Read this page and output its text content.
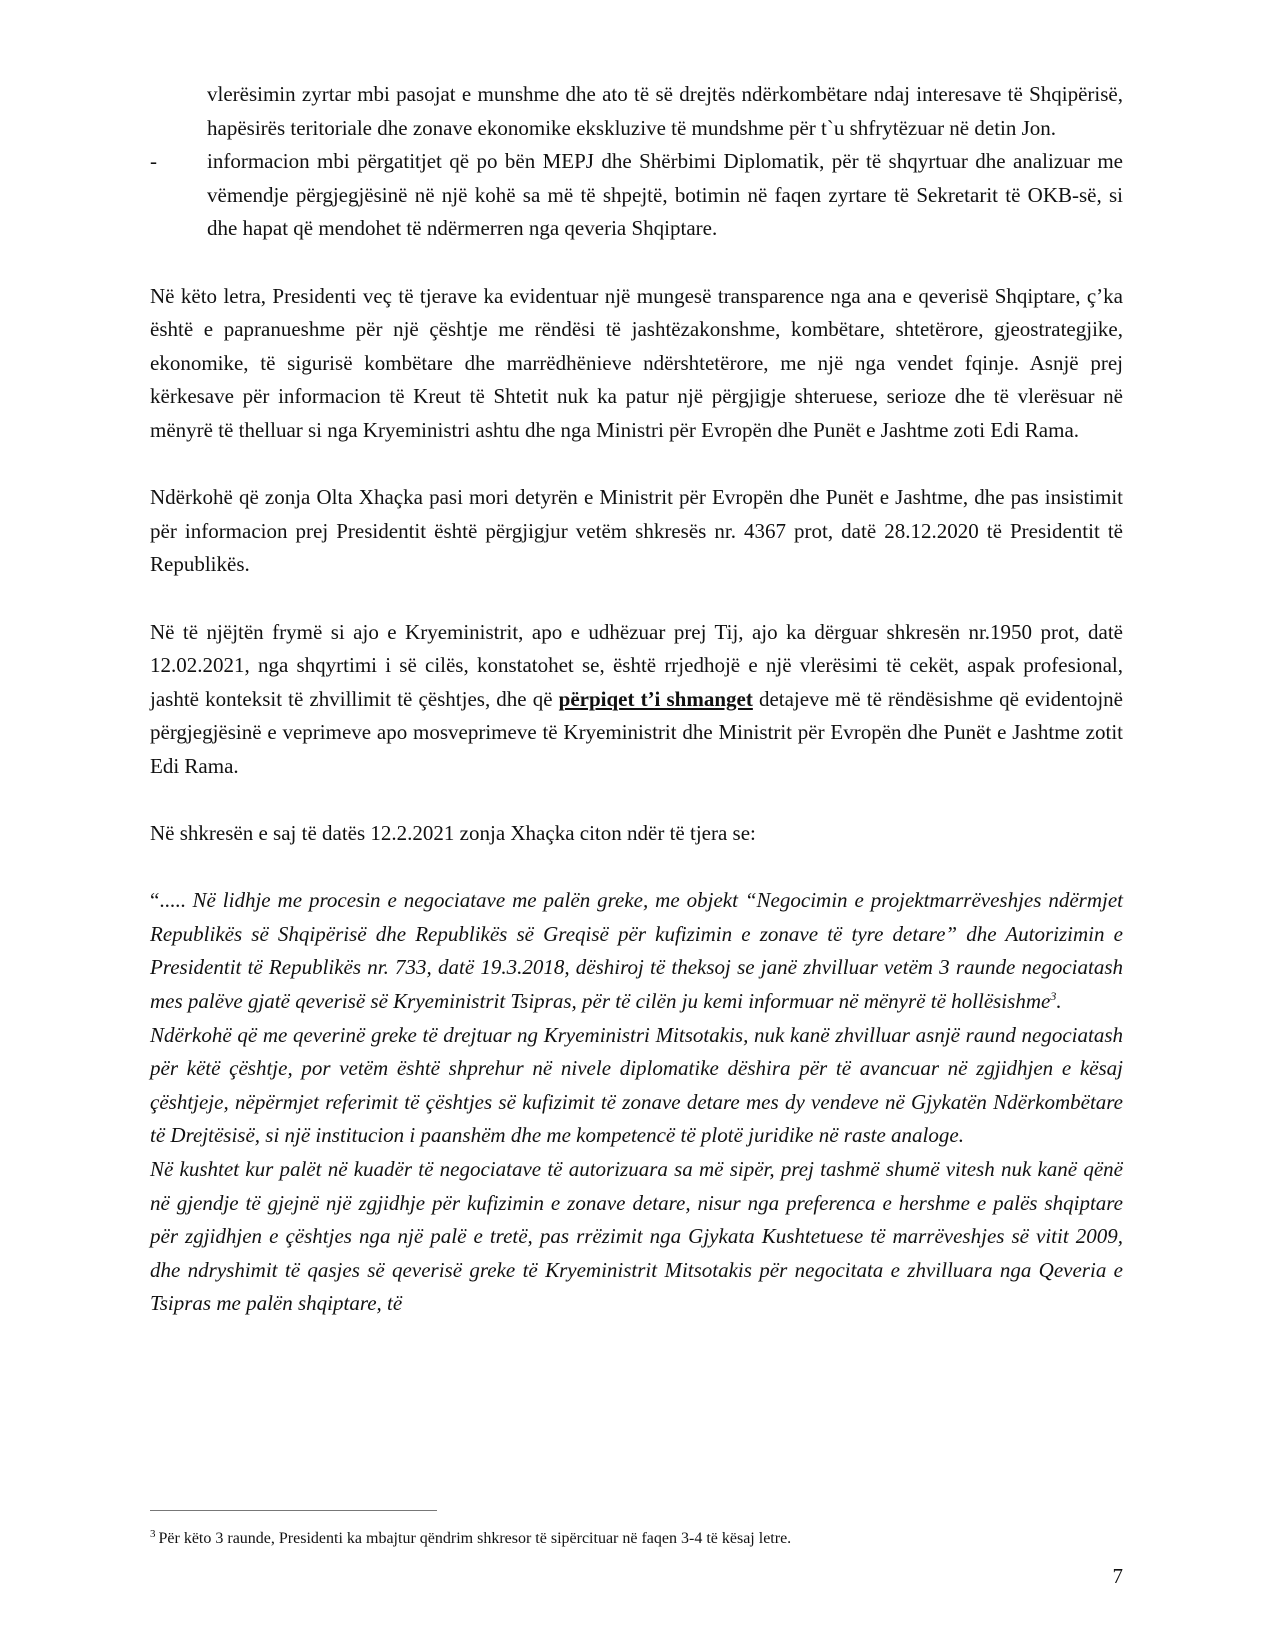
vlerësimin zyrtar mbi pasojat e munshme dhe ato të së drejtës ndërkombëtare ndaj interesave të Shqipërisë, hapësirës teritoriale dhe zonave ekonomike ekskluzive të mundshme për t`u shfrytëzuar në detin Jon.
- informacion mbi përgatitjet që po bën MEPJ dhe Shërbimi Diplomatik, për të shqyrtuar dhe analizuar me vëmendje përgjegjësinë në një kohë sa më të shpejtë, botimin në faqen zyrtare të Sekretarit të OKB-së, si dhe hapat që mendohet të ndërmerren nga qeveria Shqiptare.

Në këto letra, Presidenti veç të tjerave ka evidentuar një mungesë transparence nga ana e qeverisë Shqiptare, ç’ka është e papranueshme për një çështje me rëndësi të jashtëzakonshme, kombëtare, shtetërore, gjeostrategjike, ekonomike, të sigurisë kombëtare dhe marrëdhënieve ndërshtetërore, me një nga vendet fqinje. Asnjë prej kërkesave për informacion të Kreut të Shtetit nuk ka patur një përgjigje shteruese, serioze dhe të vlerësuar në mënyrë të thelluar si nga Kryeministri ashtu dhe nga Ministri për Evropën dhe Punët e Jashtme zoti Edi Rama.

Ndërkohë që zonja Olta Xhaçka pasi mori detyrën e Ministrit për Evropën dhe Punët e Jashtme, dhe pas insistimit për informacion prej Presidentit është përgjigjur vetëm shkresës nr. 4367 prot, datë 28.12.2020 të Presidentit të Republikës.

Në të njëjtën frymë si ajo e Kryeministrit, apo e udhëzuar prej Tij, ajo ka dërguar shkresën nr.1950 prot, datë 12.02.2021, nga shqyrtimi i së cilës, konstatohet se, është rrjedhojë e një vlerësimi të cekët, aspak profesional, jashtë konteksit të zhvillimit të çështjes, dhe që përpiqet t’i shmanget detajeve më të rëndësishme që evidentojnë përgjegjësinë e veprimeve apo mosveprimeve të Kryeministrit dhe Ministrit për Evropën dhe Punët e Jashtme zotit Edi Rama.

Në shkresën e saj të datës 12.2.2021 zonja Xhaçka citon ndër të tjera se:

“..... Në lidhje me procesin e negociatave me palën greke, me objekt “Negocimin e projektmarrëveshjes ndërmjet Republikës së Shqipërisë dhe Republikës së Greqisë për kufizimin e zonave të tyre detare” dhe Autorizimin e Presidentit të Republikës nr. 733, datë 19.3.2018, dëshiroj të theksoj se janë zhvilluar vetëm 3 raunde negociatash mes palëve gjatë qeverisë së Kryeministrit Tsipras, për të cilën ju kemi informuar në mënyrë të hollësishme$^3$.

Ndërkohë që me qeverinë greke të drejtuar ng Kryeministri Mitsotakis, nuk kanë zhvilluar asnjë raund negociatash për këtë çështje, por vetëm është shprehur në nivele diplomatike dëshira për të avancuar në zgjidhjen e kësaj çështjeje, nëpërmjet referimit të çështjes së kufizimit të zonave detare mes dy vendeve në Gjykatën Ndërkombëtare të Drejtësisë, si një institucion i paanshëm dhe me kompetencë të plotë juridike në raste analoge.

Në kushtet kur palët në kuadër të negociatave të autorizuara sa më sipër, prej tashmë shumë vitesh nuk kanë qënë në gjendje të gjejnë një zgjidhje për kufizimin e zonave detare, nisur nga preferenca e hershme e palës shqiptare për zgjidhjen e çështjes nga një palë e tretë, pas rrëzimit nga Gjykata Kushtetuese të marrëveshjes së vitit 2009, dhe ndryshimit të qasjes së qeverisë greke të Kryeministrit Mitsotakis për negocitata e zhvilluara nga Qeveria e Tsipras me palën shqiptare, të

$^3$ Për këto 3 raunde, Presidenti ka mbajtur qëndrim shkresor të sipërcituar në faqen 3-4 të kësaj letre.
7
